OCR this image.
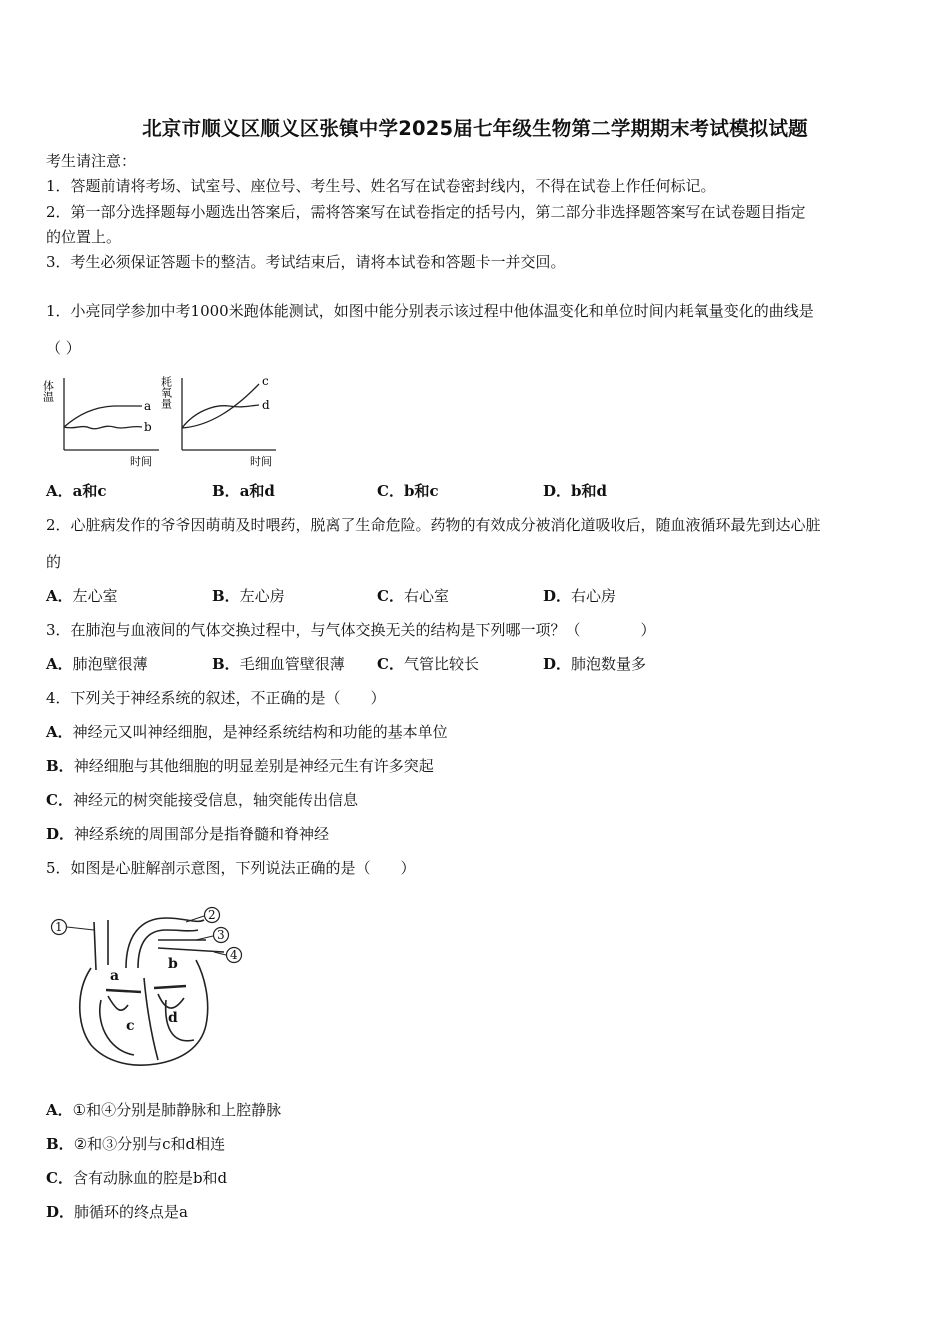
北京市顺义区顺义区张镇中学2025届七年级生物第二学期期末考试模拟试题
考生请注意：
1．答题前请将考场、试室号、座位号、考生号、姓名写在试卷密封线内，不得在试卷上作任何标记。
2．第一部分选择题每小题选出答案后，需将答案写在试卷指定的括号内，第二部分非选择题答案写在试卷题目指定
的位置上。
3．考生必须保证答题卡的整洁。考试结束后，请将本试卷和答题卡一并交回。
1．小亮同学参加中考1000米跑体能测试，如图中能分别表示该过程中他体温变化和单位时间内耗氧量变化的曲线是
（ ）
a
b
体温
时间
c
d
耗氧量
时间
A．a和c	B．a和d	C．b和c	D．b和d
2．心脏病发作的爷爷因萌萌及时喂药，脱离了生命危险。药物的有效成分被消化道吸收后，随血液循环最先到达心脏
的
A．左心室	B．左心房	C．右心室	D．右心房
3．在肺泡与血液间的气体交换过程中，与气体交换无关的结构是下列哪一项？（　　　　）
A．肺泡壁很薄	B．毛细血管壁很薄 C．气管比较长	D．肺泡数量多
4．下列关于神经系统的叙述，不正确的是（　　）
A．神经元又叫神经细胞，是神经系统结构和功能的基本单位
B．神经细胞与其他细胞的明显差别是神经元生有许多突起
C．神经元的树突能接受信息，轴突能传出信息
D．神经系统的周围部分是指脊髓和脊神经
5．如图是心脏解剖示意图，下列说法正确的是（　　）
1
2
3
4
a
b
c d
A．①和④分别是肺静脉和上腔静脉
B．②和③分别与c和d相连
C．含有动脉血的腔是b和d
D．肺循环的终点是a
